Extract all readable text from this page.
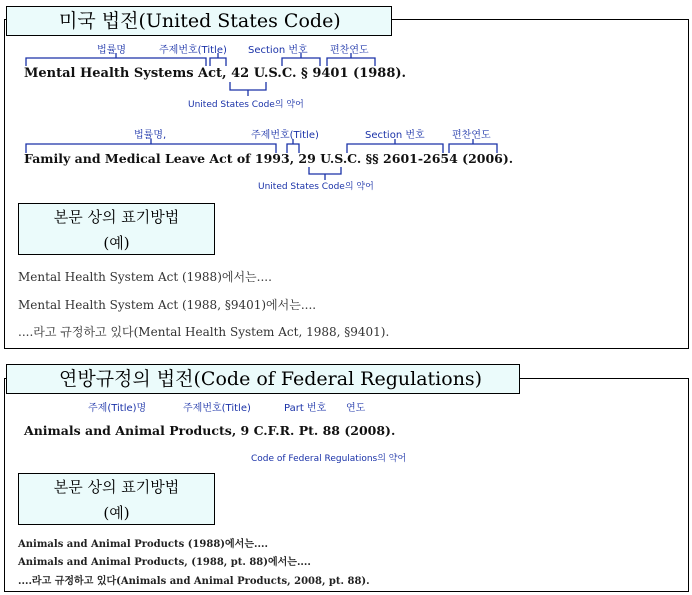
미국 법전(United States Code)
법률명	주제번호(Title) Section 번호 편찬연도
Mental Health Systems Act, 42 U.S.C. § 9401 (1988).
United States Code의 약어
법률명,	주제번호(Title)	Section 번호	편찬연도
Family and Medical Leave Act of 1993, 29 U.S.C. §§ 2601-2654 (2006).
United States Code의 약어
본문 상의 표기방법
(예)
Mental Health System Act (1988)에서는....
Mental Health System Act (1988, §9401)에서는....
....라고 규정하고 있다(Mental Health System Act, 1988, §9401).
연방규정의 법전(Code of Federal Regulations)
주제(Title)명	주제번호(Title)	Part 번호 연도
Animals and Animal Products, 9 C.F.R. Pt. 88 (2008).
Code of Federal Regulations의 약어
본문 상의 표기방법
(예)
Animals and Animal Products (1988)에서는....
Animals and Animal Products, (1988, pt. 88)에서는....
....라고 규정하고 있다(Animals and Animal Products, 2008, pt. 88).
